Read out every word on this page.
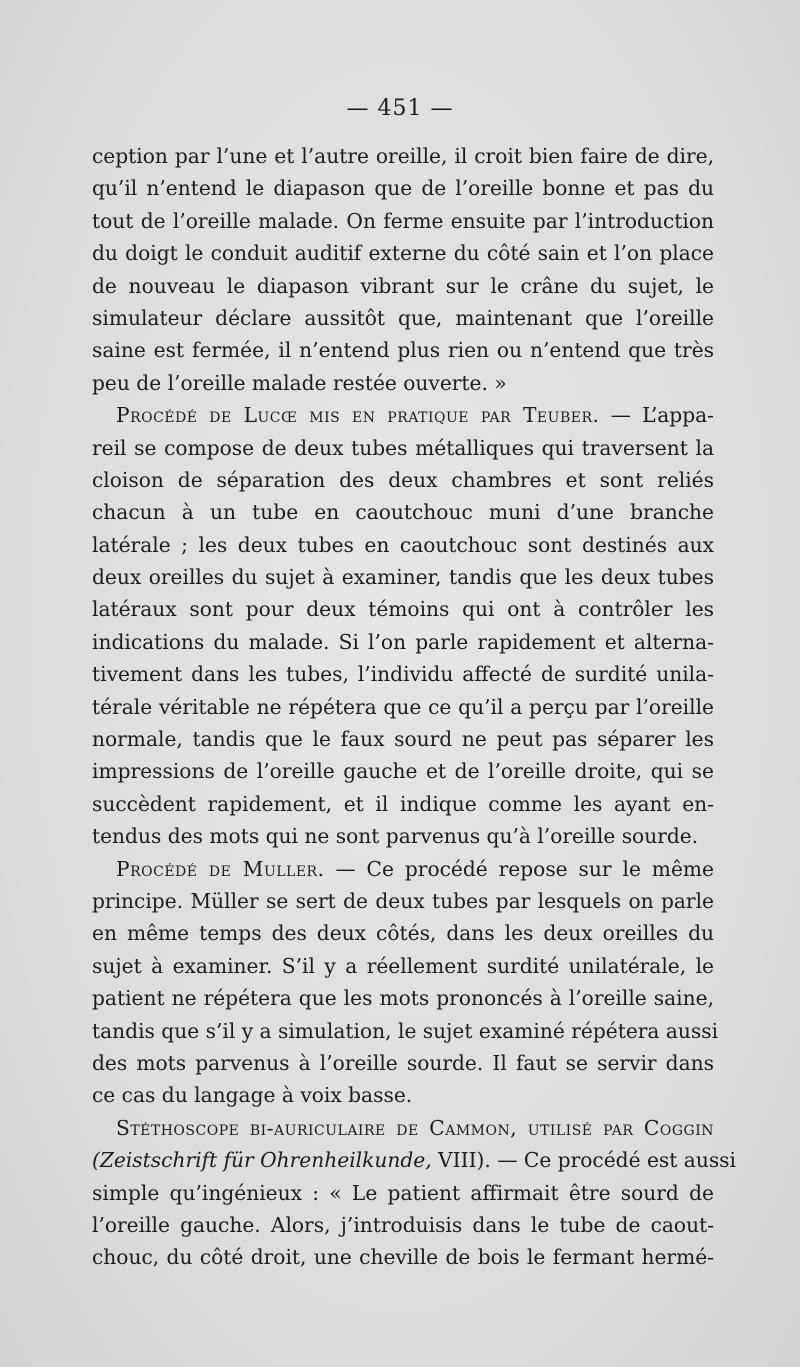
— 451 —
ception par l’une et l’autre oreille, il croit bien faire de dire,
qu’il n’entend le diapason que de l’oreille bonne et pas du
tout de l’oreille malade. On ferme ensuite par l’introduction
du doigt le conduit auditif externe du côté sain et l’on place
de nouveau le diapason vibrant sur le crâne du sujet, le
simulateur déclare aussitôt que, maintenant que l’oreille
saine est fermée, il n’entend plus rien ou n’entend que très
peu de l’oreille malade restée ouverte. »
Procédé de Lucœ mis en pratique par Teuber. — L’appa-
reil se compose de deux tubes métalliques qui traversent la
cloison de séparation des deux chambres et sont reliés
chacun à un tube en caoutchouc muni d’une branche
latérale ; les deux tubes en caoutchouc sont destinés aux
deux oreilles du sujet à examiner, tandis que les deux tubes
latéraux sont pour deux témoins qui ont à contrôler les
indications du malade. Si l’on parle rapidement et alterna-
tivement dans les tubes, l’individu affecté de surdité unila-
térale véritable ne répétera que ce qu’il a perçu par l’oreille
normale, tandis que le faux sourd ne peut pas séparer les
impressions de l’oreille gauche et de l’oreille droite, qui se
succèdent rapidement, et il indique comme les ayant en-
tendus des mots qui ne sont parvenus qu’à l’oreille sourde.
Procédé de Muller. — Ce procédé repose sur le même
principe. Müller se sert de deux tubes par lesquels on parle
en même temps des deux côtés, dans les deux oreilles du
sujet à examiner. S’il y a réellement surdité unilatérale, le
patient ne répétera que les mots prononcés à l’oreille saine,
tandis que s’il y a simulation, le sujet examiné répétera aussi
des mots parvenus à l’oreille sourde. Il faut se servir dans
ce cas du langage à voix basse.
Stéthoscope bi-auriculaire de Cammon, utilisé par Coggin
(Zeistschrift für Ohrenheilkunde, VIII). — Ce procédé est aussi
simple qu’ingénieux : « Le patient affirmait être sourd de
l’oreille gauche. Alors, j’introduisis dans le tube de caout-
chouc, du côté droit, une cheville de bois le fermant hermé-
